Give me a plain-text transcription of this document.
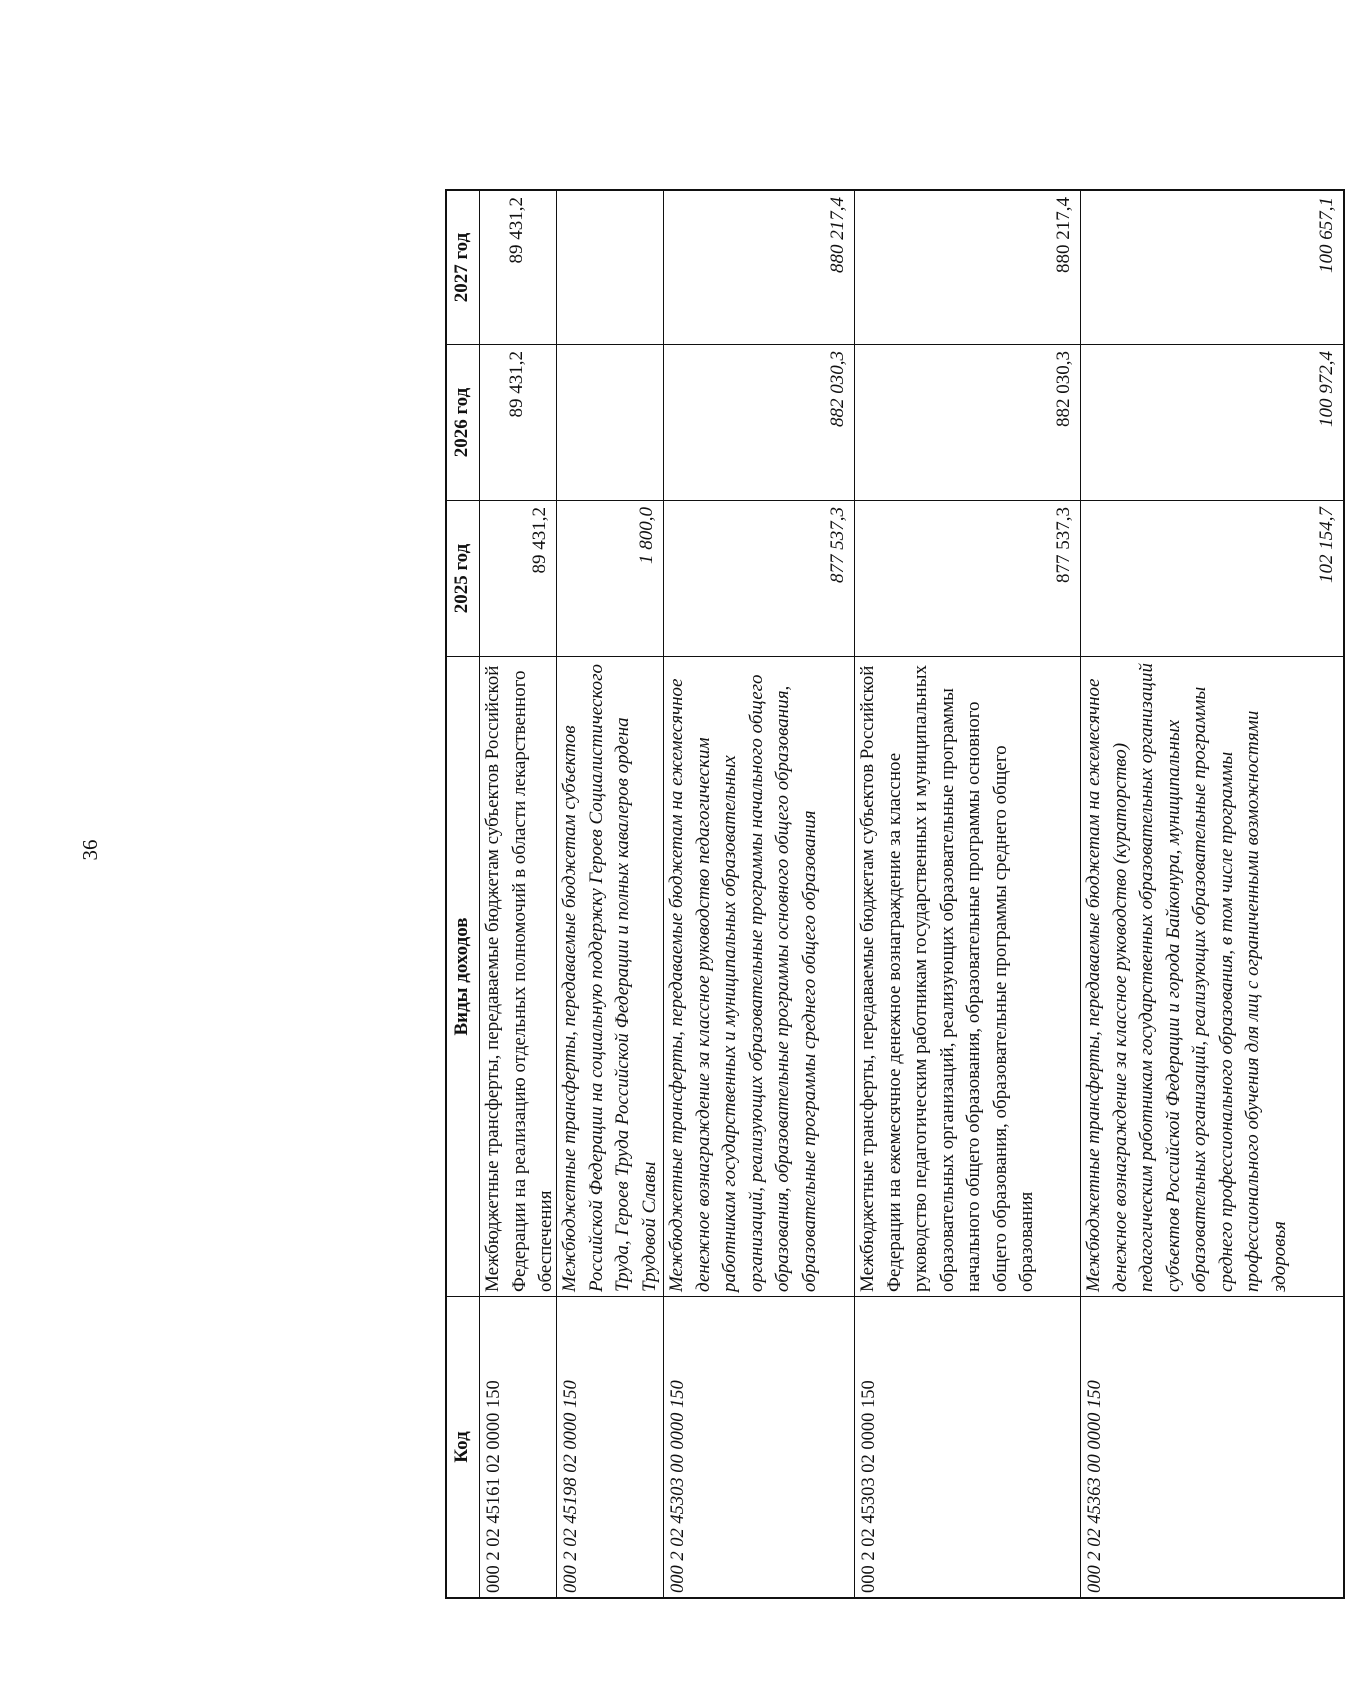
36
Код
Виды доходов
2025 год
2026 год
2027 год
000 2 02 45161 02 0000 150
Межбюджетные трансферты, передаваемые бюджетам субъектов Российской Федерации на реализацию отдельных полномочий в области лекарственного обеспечения
89 431,2
89 431,2
89 431,2
000 2 02 45198 02 0000 150
Межбюджетные трансферты, передаваемые бюджетам субъектов Российской Федерации на социальную поддержку Героев Социалистического Труда, Героев Труда Российской Федерации и полных кавалеров ордена Трудовой Славы
1 800,0
000 2 02 45303 00 0000 150
Межбюджетные трансферты, передаваемые бюджетам на ежемесячное денежное вознаграждение за классное руководство педагогическим работникам государственных и муниципальных образовательных организаций, реализующих образовательные программы начального общего образования, образовательные программы основного общего образования, образовательные программы среднего общего образования
877 537,3
882 030,3
880 217,4
000 2 02 45303 02 0000 150
Межбюджетные трансферты, передаваемые бюджетам субъектов Российской Федерации на ежемесячное денежное вознаграждение за классное руководство педагогическим работникам государственных и муниципальных образовательных организаций, реализующих образовательные программы начального общего образования, образовательные программы основного общего образования, образовательные программы среднего общего образования
877 537,3
882 030,3
880 217,4
000 2 02 45363 00 0000 150
Межбюджетные трансферты, передаваемые бюджетам на ежемесячное денежное вознаграждение за классное руководство (кураторство) педагогическим работникам государственных образовательных организаций субъектов Российской Федерации и города Байконура, муниципальных образовательных организаций, реализующих образовательные программы среднего профессионального образования, в том числе программы профессионального обучения для лиц с ограниченными возможностями здоровья
102 154,7
100 972,4
100 657,1
